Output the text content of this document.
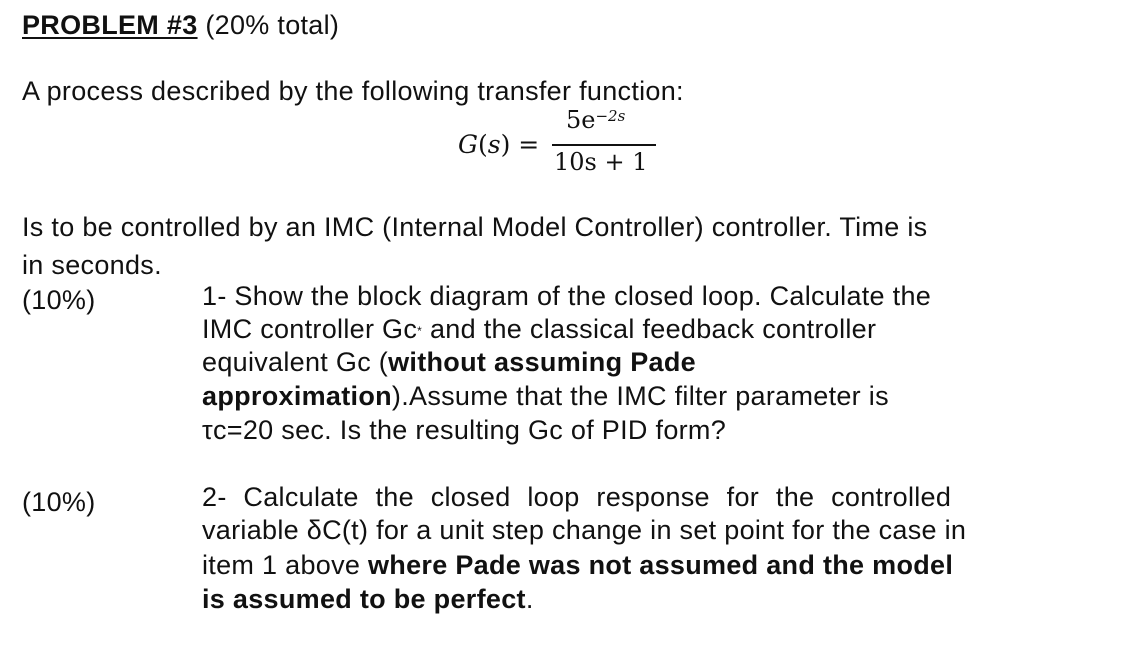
PROBLEM #3 (20% total)
A process described by the following transfer function:
G(s) =
$5e^{-2s}$
10s + 1
Is to be controlled by an IMC (Internal Model Controller) controller. Time is
in seconds.
(10%)	1- Show the block diagram of the closed loop. Calculate the
IMC controller Gc* and the classical feedback controller
equivalent Gc (without assuming Pade
approximation).Assume that the IMC filter parameter is
τc=20 sec. Is the resulting Gc of PID form?
(10%)	2- Calculate the closed loop response for the controlled
variable δC(t) for a unit step change in set point for the case in
item 1 above where Pade was not assumed and the model
is assumed to be perfect.
